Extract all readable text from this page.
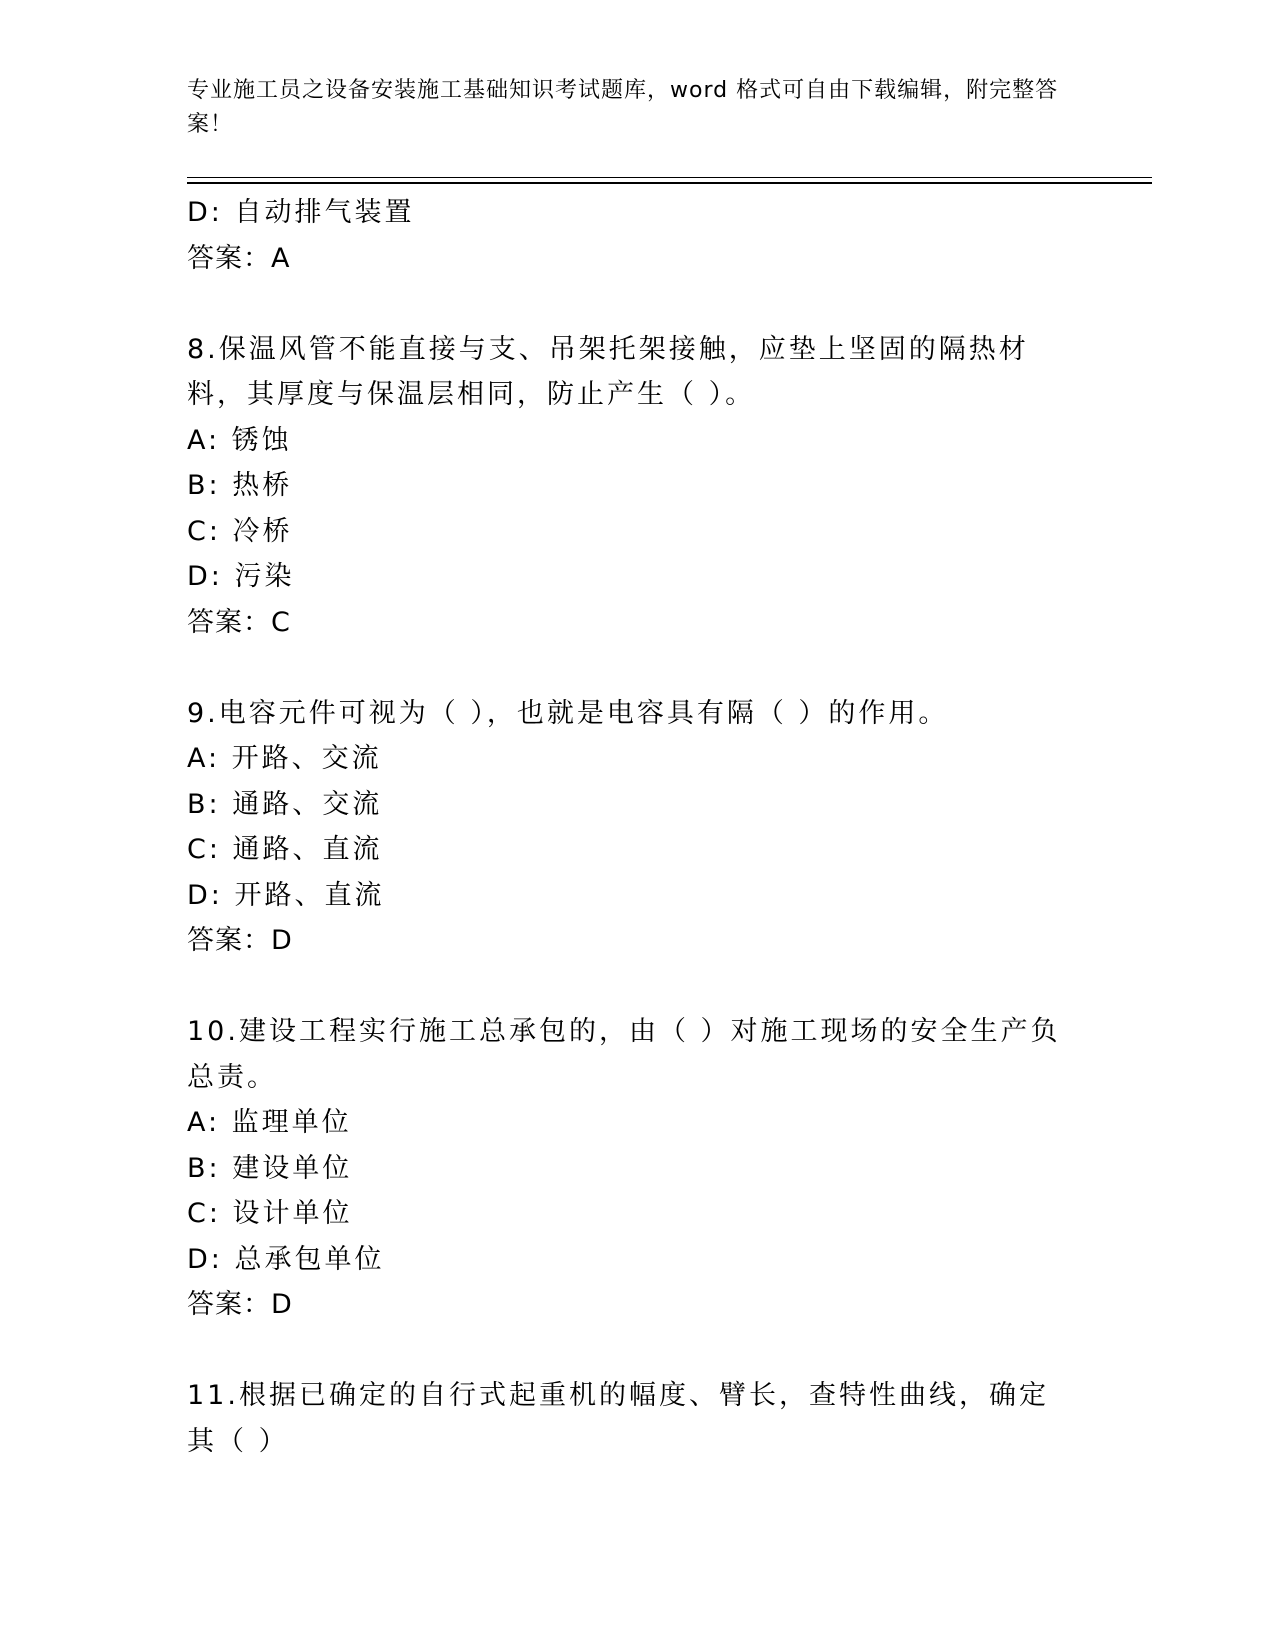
专业施工员之设备安装施工基础知识考试题库，word 格式可自由下载编辑，附完整答案！
D: 自动排气装置
答案：A
8.保温风管不能直接与支、吊架托架接触，应垫上坚固的隔热材料，其厚度与保温层相同，防止产生（ ）。
A: 锈蚀
B: 热桥
C: 冷桥
D: 污染
答案：C
9.电容元件可视为（ ），也就是电容具有隔（ ）的作用。
A: 开路、交流
B: 通路、交流
C: 通路、直流
D: 开路、直流
答案：D
10.建设工程实行施工总承包的，由（ ）对施工现场的安全生产负总责。
A: 监理单位
B: 建设单位
C: 设计单位
D: 总承包单位
答案：D
11.根据已确定的自行式起重机的幅度、臂长，查特性曲线，确定其（ ）
